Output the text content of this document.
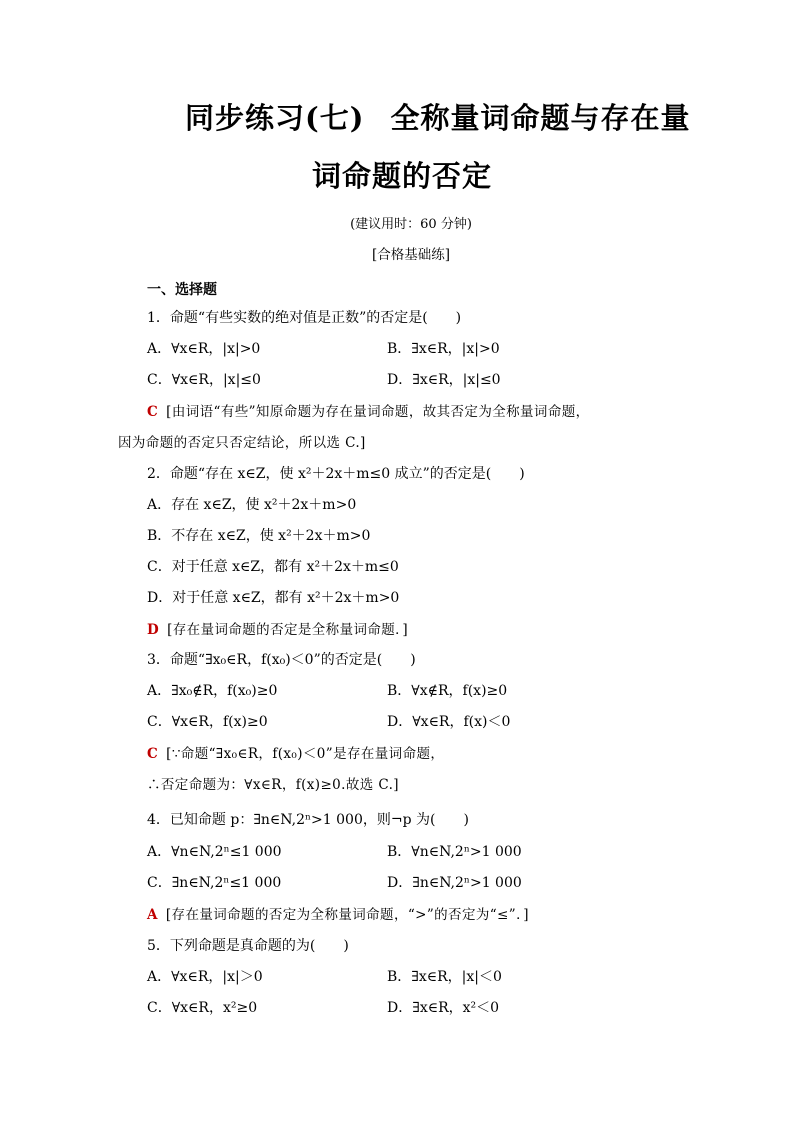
同步练习(七) 全称量词命题与存在量
词命题的否定
(建议用时：60 分钟)
[合格基础练]
一、选择题
1．命题“有些实数的绝对值是正数”的否定是(　　)
A．∀x∈R，|x|>0	B．∃x∈R，|x|>0
C．∀x∈R，|x|≤0	D．∃x∈R，|x|≤0
C [由词语“有些”知原命题为存在量词命题，故其否定为全称量词命题，
因为命题的否定只否定结论，所以选 C.]
2．命题“存在 x∈Z，使 x²＋2x＋m≤0 成立”的否定是(　　)
A．存在 x∈Z，使 x²＋2x＋m>0
B．不存在 x∈Z，使 x²＋2x＋m>0
C．对于任意 x∈Z，都有 x²＋2x＋m≤0
D．对于任意 x∈Z，都有 x²＋2x＋m>0
D [存在量词命题的否定是全称量词命题．]
3．命题“∃x₀∈R，f(x₀)＜0”的否定是(　　)
A．∃x₀∉R，f(x₀)≥0	B．∀x∉R，f(x)≥0
C．∀x∈R，f(x)≥0	D．∀x∈R，f(x)＜0
C [∵命题“∃x₀∈R，f(x₀)＜0”是存在量词命题，
∴否定命题为：∀x∈R，f(x)≥0.故选 C.]
4．已知命题 p：∃n∈N,2ⁿ>1 000，则¬p 为(　　)
A．∀n∈N,2ⁿ≤1 000	B．∀n∈N,2ⁿ>1 000
C．∃n∈N,2ⁿ≤1 000	D．∃n∈N,2ⁿ>1 000
A [存在量词命题的否定为全称量词命题，“>”的否定为“≤”．]
5．下列命题是真命题的为(　　)
A．∀x∈R，|x|＞0	B．∃x∈R，|x|＜0
C．∀x∈R，x²≥0	D．∃x∈R，x²＜0
